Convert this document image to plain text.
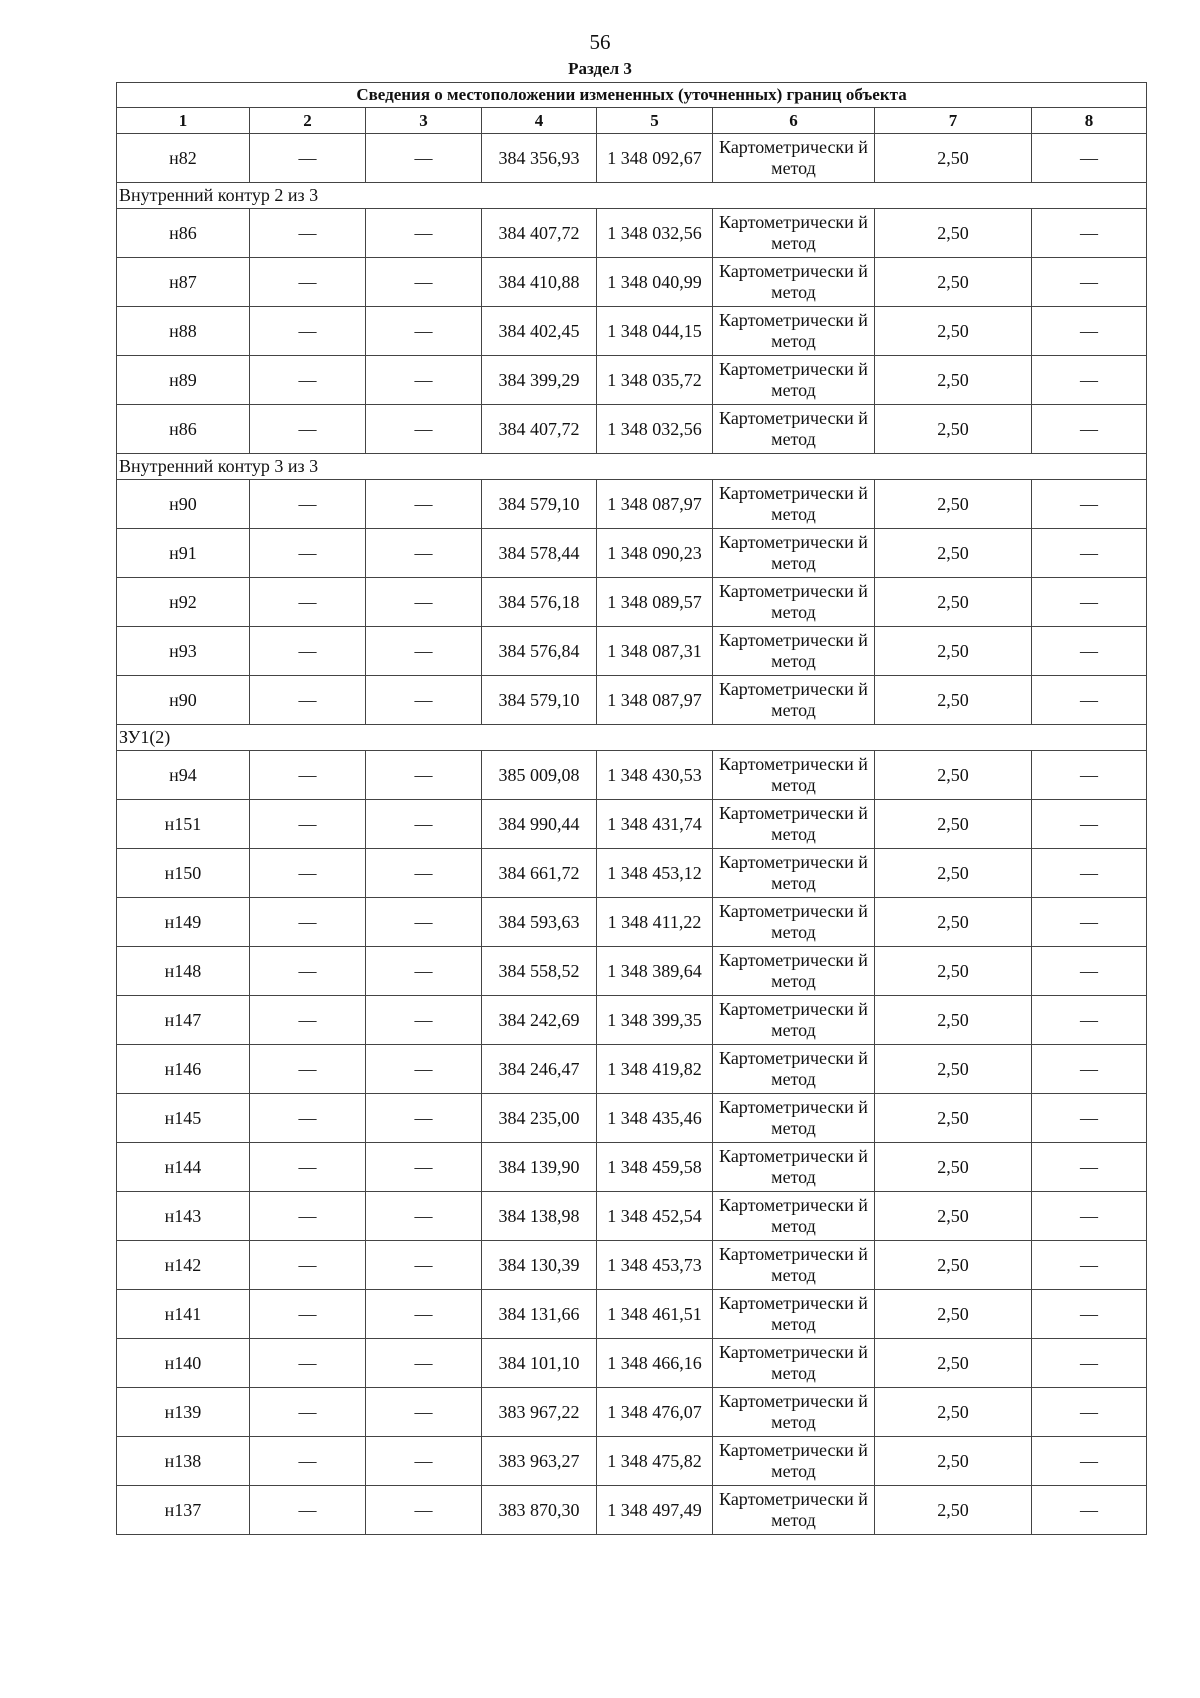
56
Раздел 3
Сведения о местоположении измененных (уточненных) границ объекта							
1	2	3	4	5	6	7	8
н82	—	—	384 356,93	1 348 092,67	Картометрически й метод	2,50	—
Внутренний контур 2 из 3							
н86	—	—	384 407,72	1 348 032,56	Картометрически й метод	2,50	—
н87	—	—	384 410,88	1 348 040,99	Картометрически й метод	2,50	—
н88	—	—	384 402,45	1 348 044,15	Картометрически й метод	2,50	—
н89	—	—	384 399,29	1 348 035,72	Картометрически й метод	2,50	—
н86	—	—	384 407,72	1 348 032,56	Картометрически й метод	2,50	—
Внутренний контур 3 из 3							
н90	—	—	384 579,10	1 348 087,97	Картометрически й метод	2,50	—
н91	—	—	384 578,44	1 348 090,23	Картометрически й метод	2,50	—
н92	—	—	384 576,18	1 348 089,57	Картометрически й метод	2,50	—
н93	—	—	384 576,84	1 348 087,31	Картометрически й метод	2,50	—
н90	—	—	384 579,10	1 348 087,97	Картометрически й метод	2,50	—
ЗУ1(2)							
н94	—	—	385 009,08	1 348 430,53	Картометрически й метод	2,50	—
н151	—	—	384 990,44	1 348 431,74	Картометрически й метод	2,50	—
н150	—	—	384 661,72	1 348 453,12	Картометрически й метод	2,50	—
н149	—	—	384 593,63	1 348 411,22	Картометрически й метод	2,50	—
н148	—	—	384 558,52	1 348 389,64	Картометрически й метод	2,50	—
н147	—	—	384 242,69	1 348 399,35	Картометрически й метод	2,50	—
н146	—	—	384 246,47	1 348 419,82	Картометрически й метод	2,50	—
н145	—	—	384 235,00	1 348 435,46	Картометрически й метод	2,50	—
н144	—	—	384 139,90	1 348 459,58	Картометрически й метод	2,50	—
н143	—	—	384 138,98	1 348 452,54	Картометрически й метод	2,50	—
н142	—	—	384 130,39	1 348 453,73	Картометрически й метод	2,50	—
н141	—	—	384 131,66	1 348 461,51	Картометрически й метод	2,50	—
н140	—	—	384 101,10	1 348 466,16	Картометрически й метод	2,50	—
н139	—	—	383 967,22	1 348 476,07	Картометрически й метод	2,50	—
н138	—	—	383 963,27	1 348 475,82	Картометрически й метод	2,50	—
н137	—	—	383 870,30	1 348 497,49	Картометрически й метод	2,50	—
